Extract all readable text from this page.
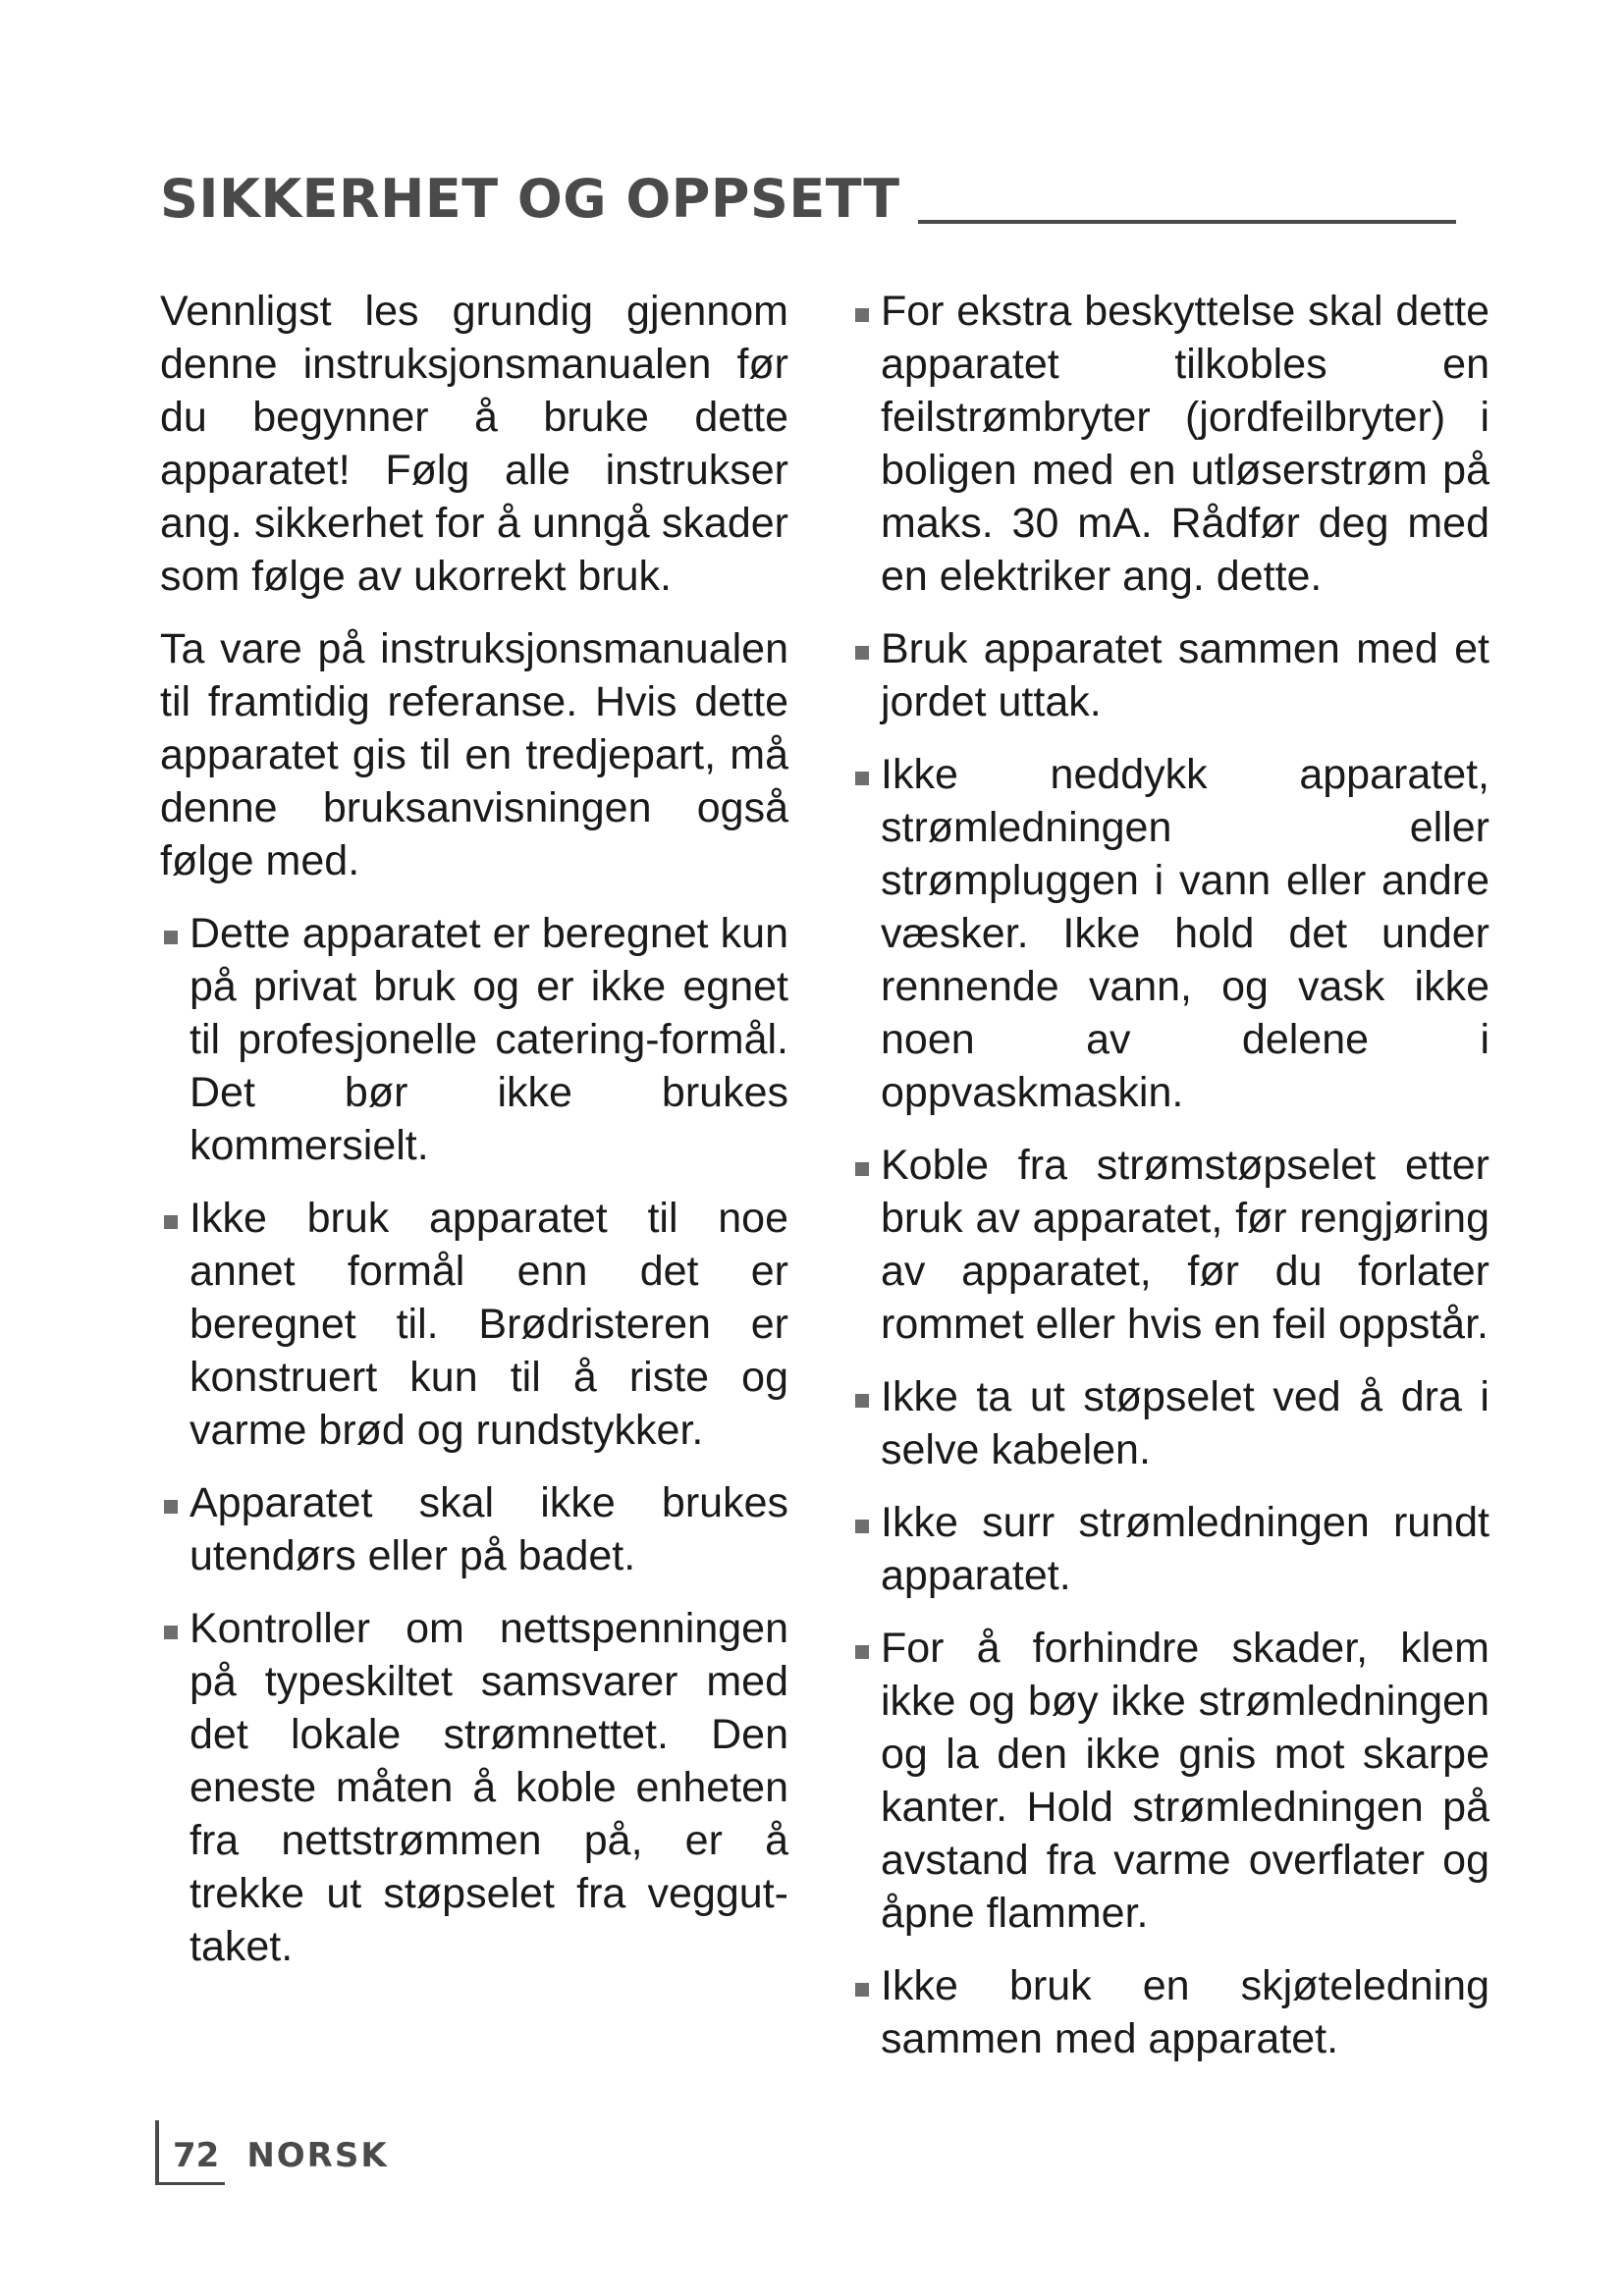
SIKKERHET OG OPPSETT

Vennligst les grundig gjennom denne instruksjonsmanualen før du begynner å bruke dette apparatet! Følg alle instrukser ang. sikkerhet for å unngå skader som følge av ukorrekt bruk.

Ta vare på instruksjonsmanualen til framtidig referanse. Hvis dette apparatet gis til en tredjepart, må denne bruksanvisningen også følge med.

Dette apparatet er beregnet kun på privat bruk og er ikke egnet til profesjonelle catering-formål. Det bør ikke brukes kommersielt.
Ikke bruk apparatet til noe annet formål enn det er beregnet til. Brødristeren er konstruert kun til å riste og varme brød og rundstykker.
Apparatet skal ikke brukes utendørs eller på badet.
Kontroller om nettspenningen på typeskiltet samsvarer med det lokale strømnettet. Den eneste måten å koble enheten fra nettstrømmen på, er å trekke ut støpselet fra vegguttaket.
For ekstra beskyttelse skal dette apparatet tilkobles en feilstrømbryter (jordfeilbryter) i boligen med en utløserstrøm på maks. 30 mA. Rådfør deg med en elektriker ang. dette.
Bruk apparatet sammen med et jordet uttak.
Ikke neddykk apparatet, strømledningen eller strømpluggen i vann eller andre væsker. Ikke hold det under rennende vann, og vask ikke noen av delene i oppvaskmaskin.
Koble fra strømstøpselet etter bruk av apparatet, før rengjøring av apparatet, før du forlater rommet eller hvis en feil oppstår.
Ikke ta ut støpselet ved å dra i selve kabelen.
Ikke surr strømledningen rundt apparatet.
For å forhindre skader, klem ikke og bøy ikke strømledningen og la den ikke gnis mot skarpe kanter. Hold strømledningen på avstand fra varme overflater og åpne flammer.
Ikke bruk en skjøteledning sammen med apparatet.
72 NORSK
